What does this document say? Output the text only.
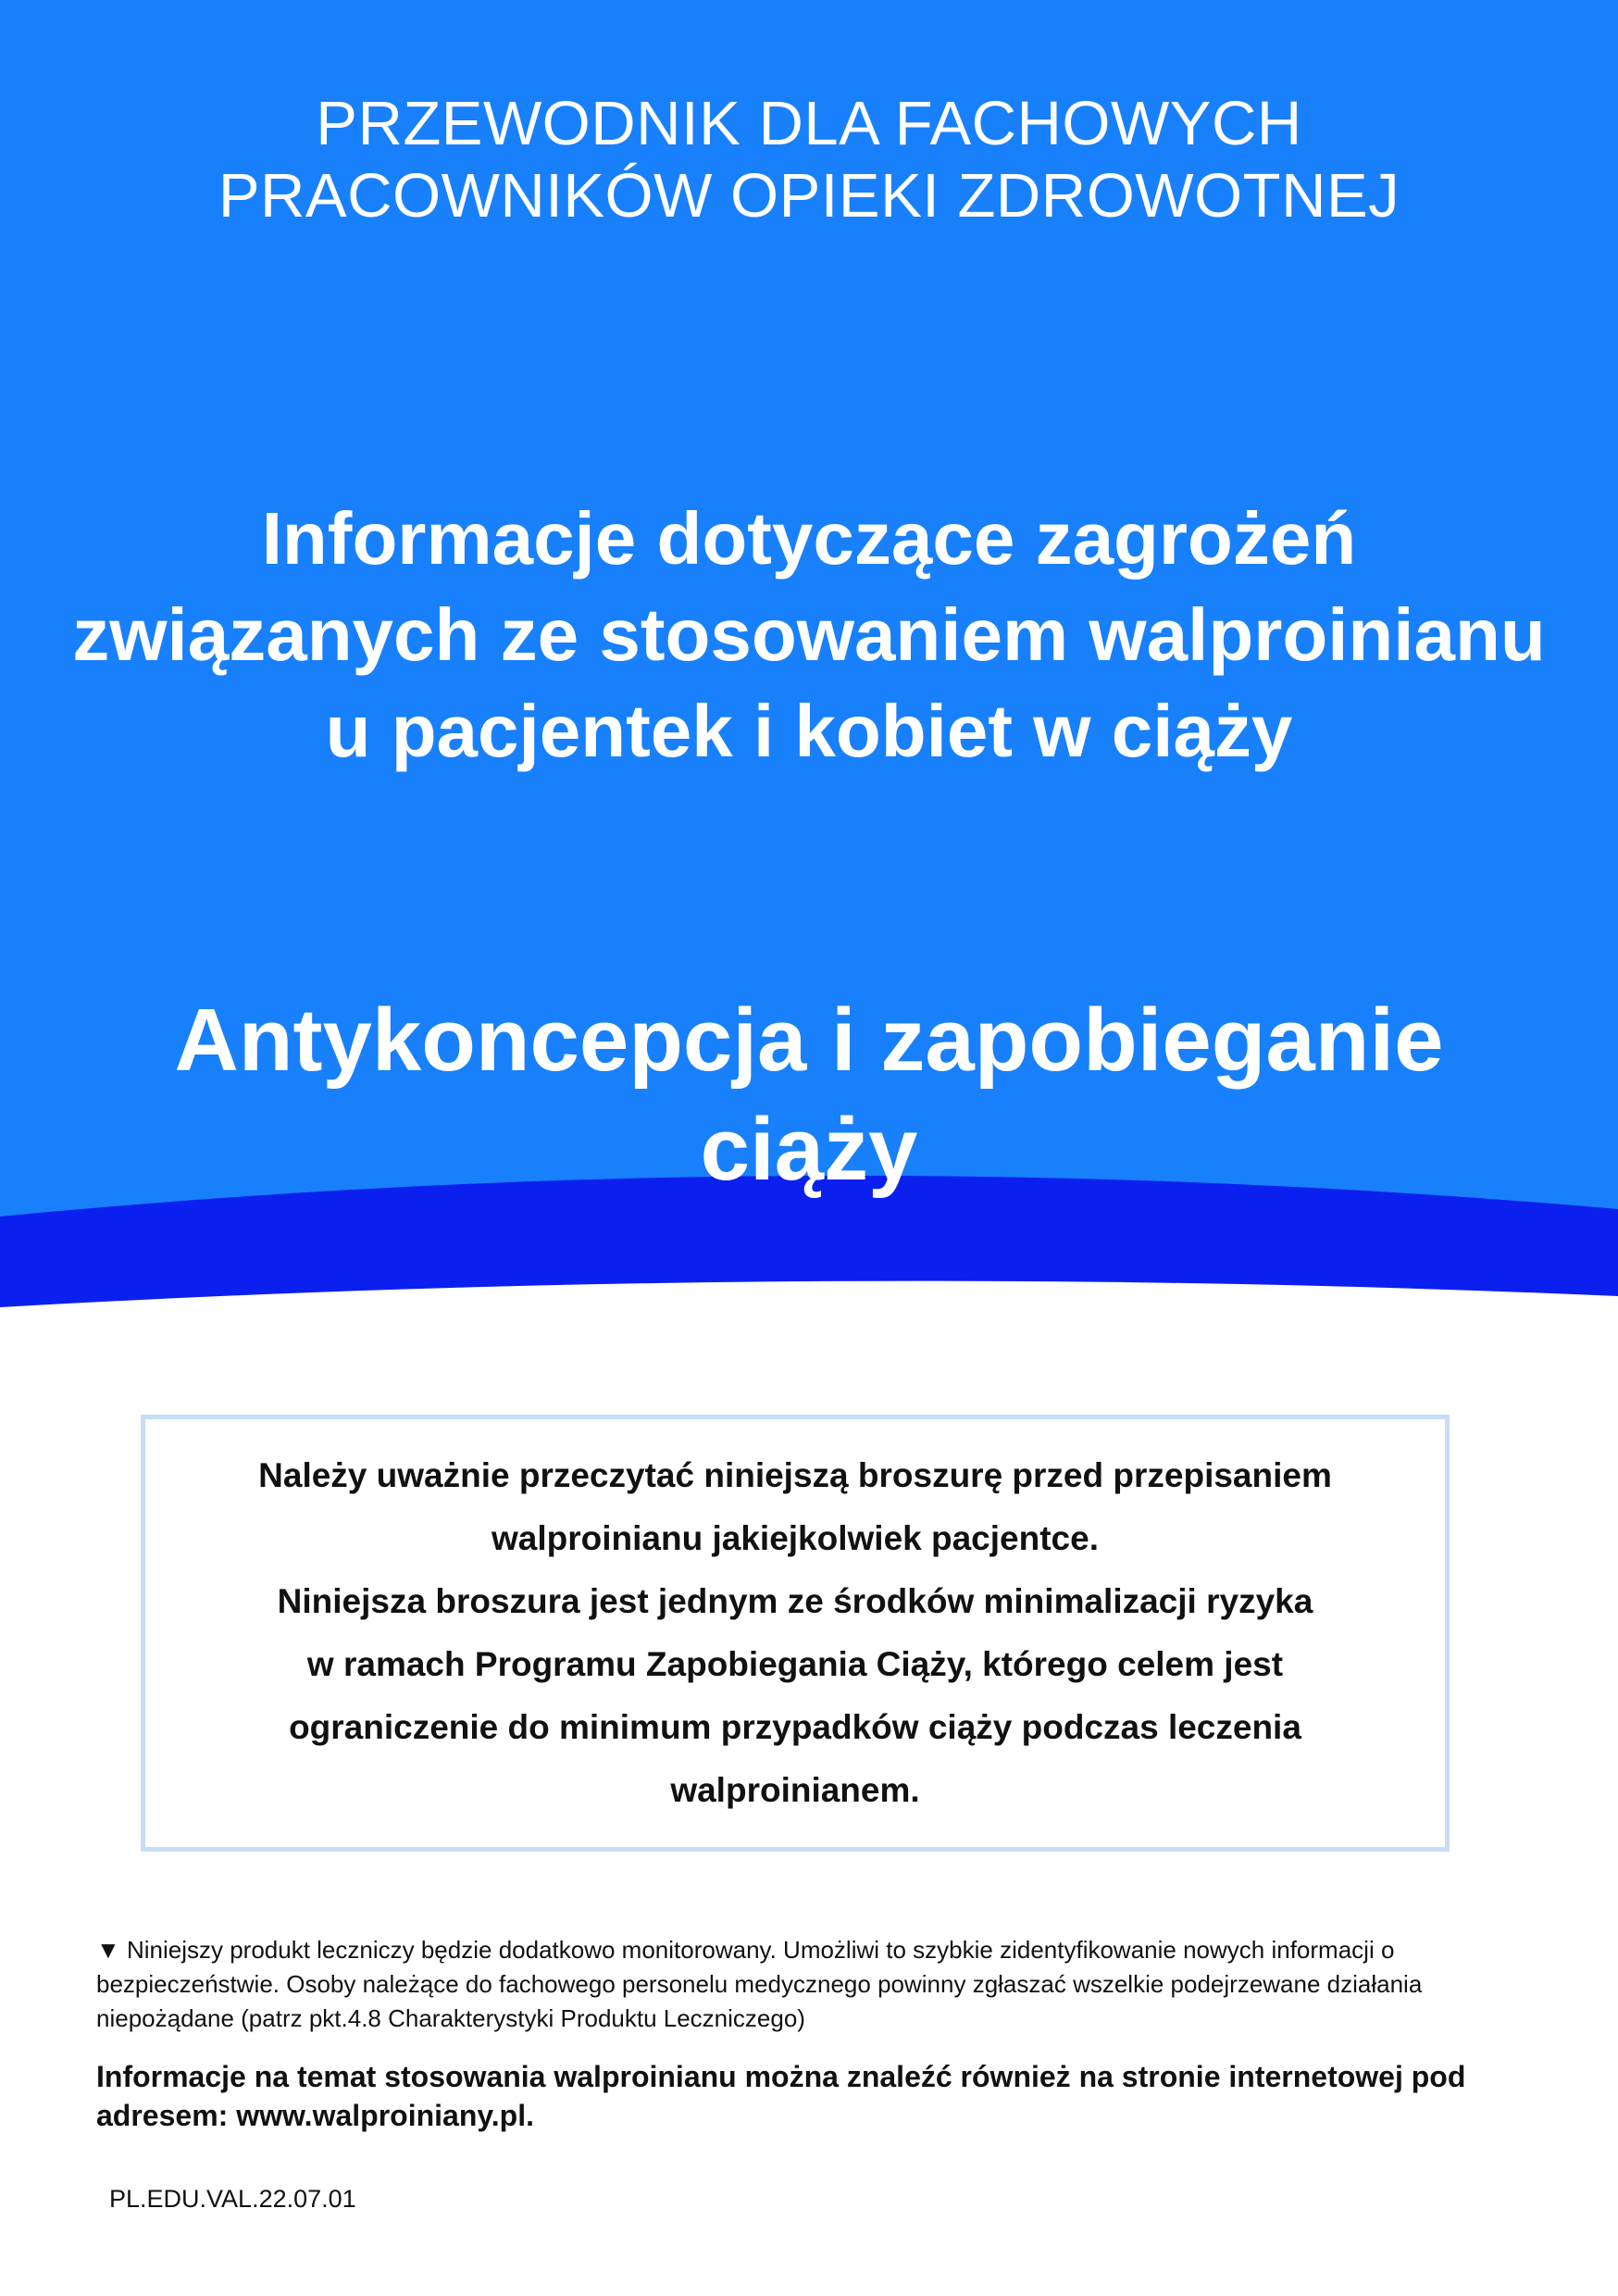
PRZEWODNIK DLA FACHOWYCH
PRACOWNIKÓW OPIEKI ZDROWOTNEJ
Informacje dotyczące zagrożeń
związanych ze stosowaniem walproinianu
u pacjentek i kobiet w ciąży
Antykoncepcja i zapobieganie
ciąży
Należy uważnie przeczytać niniejszą broszurę przed przepisaniem
walproinianu jakiejkolwiek pacjentce.
Niniejsza broszura jest jednym ze środków minimalizacji ryzyka
w ramach Programu Zapobiegania Ciąży, którego celem jest
ograniczenie do minimum przypadków ciąży podczas leczenia
walproinianem.
▼ Niniejszy produkt leczniczy będzie dodatkowo monitorowany. Umożliwi to szybkie zidentyfikowanie nowych informacji o
bezpieczeństwie. Osoby należące do fachowego personelu medycznego powinny zgłaszać wszelkie podejrzewane działania
niepożądane (patrz pkt.4.8 Charakterystyki Produktu Leczniczego)
Informacje na temat stosowania walproinianu można znaleźć również na stronie internetowej pod
adresem: www.walproiniany.pl.
PL.EDU.VAL.22.07.01
